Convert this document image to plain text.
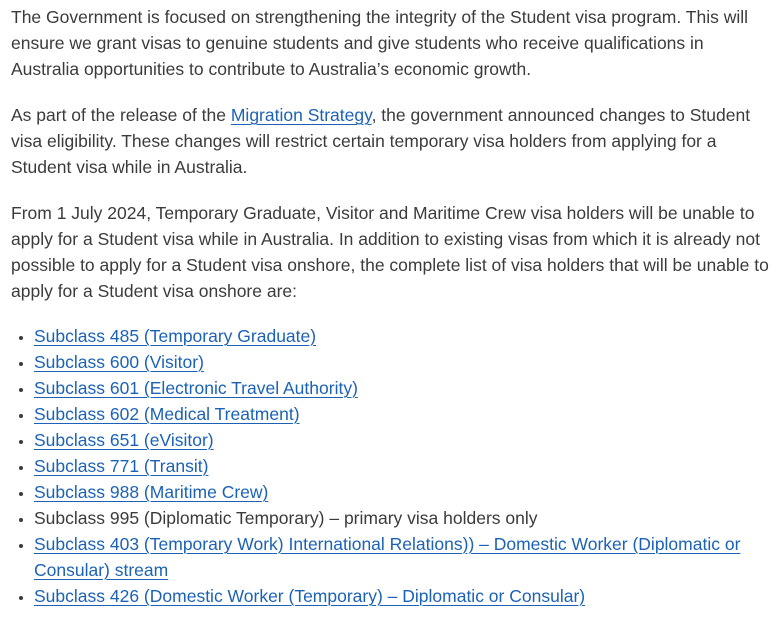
The Government is focused on strengthening the integrity of the Student visa program. This will ensure we grant visas to genuine students and give students who receive qualifications in Australia opportunities to contribute to Australia’s economic growth.

As part of the release of the Migration Strategy, the government announced changes to Student visa eligibility. These changes will restrict certain temporary visa holders from applying for a Student visa while in Australia.

From 1 July 2024, Temporary Graduate, Visitor and Maritime Crew visa holders will be unable to apply for a Student visa while in Australia. In addition to existing visas from which it is already not possible to apply for a Student visa onshore, the complete list of visa holders that will be unable to apply for a Student visa onshore are:

• Subclass 485 (Temporary Graduate)
• Subclass 600 (Visitor)
• Subclass 601 (Electronic Travel Authority)
• Subclass 602 (Medical Treatment)
• Subclass 651 (eVisitor)
• Subclass 771 (Transit)
• Subclass 988 (Maritime Crew)
• Subclass 995 (Diplomatic Temporary) – primary visa holders only
• Subclass 403 (Temporary Work) International Relations)) – Domestic Worker (Diplomatic or Consular) stream
• Subclass 426 (Domestic Worker (Temporary) – Diplomatic or Consular)
